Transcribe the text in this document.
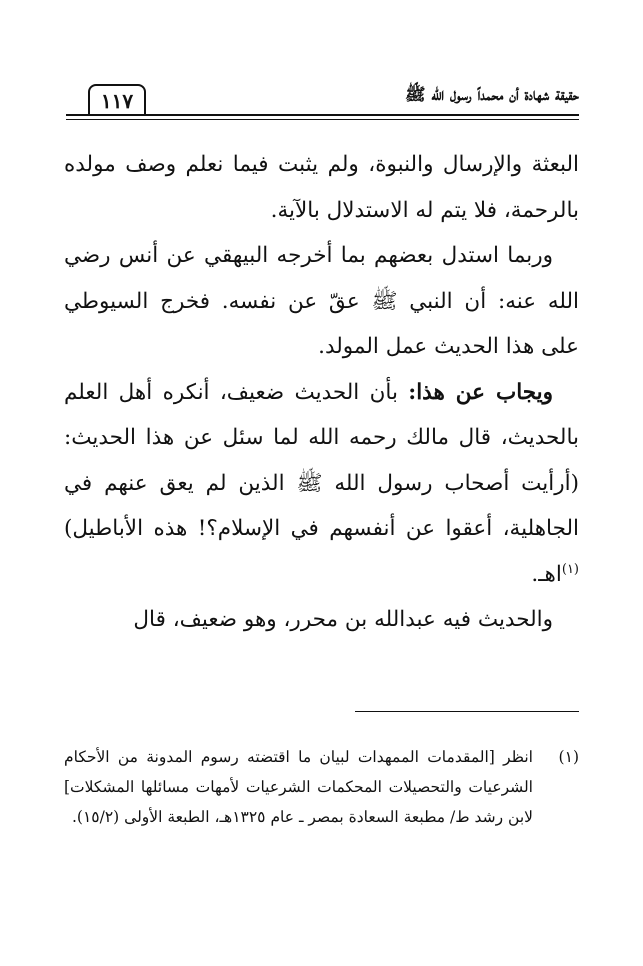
حقيقة شهادة أن محمداً رسول الله ﷺ
١١٧

البعثة والإرسال والنبوة، ولم يثبت فيما نعلم وصف مولده بالرحمة، فلا يتم له الاستدلال بالآية.

وربما استدل بعضهم بما أخرجه البيهقي عن أنس رضي الله عنه: أن النبي ﷺ عقّ عن نفسه. فخرج السيوطي على هذا الحديث عمل المولد.

ويجاب عن هذا: بأن الحديث ضعيف، أنكره أهل العلم بالحديث، قال مالك رحمه الله لما سئل عن هذا الحديث: (أرأيت أصحاب رسول الله ﷺ الذين لم يعق عنهم في الجاهلية، أعقوا عن أنفسهم في الإسلام؟! هذه الأباطيل)$^{(١)}$اهـ.

والحديث فيه عبدالله بن محرر، وهو ضعيف، قال

(١)
انظر [المقدمات الممهدات لبيان ما اقتضته رسوم المدونة من الأحكام الشرعيات والتحصيلات المحكمات الشرعيات لأمهات مسائلها المشكلات] لابن رشد ط/ مطبعة السعادة بمصر ـ عام ١٣٢٥هـ، الطبعة الأولى (١٥/٢).
